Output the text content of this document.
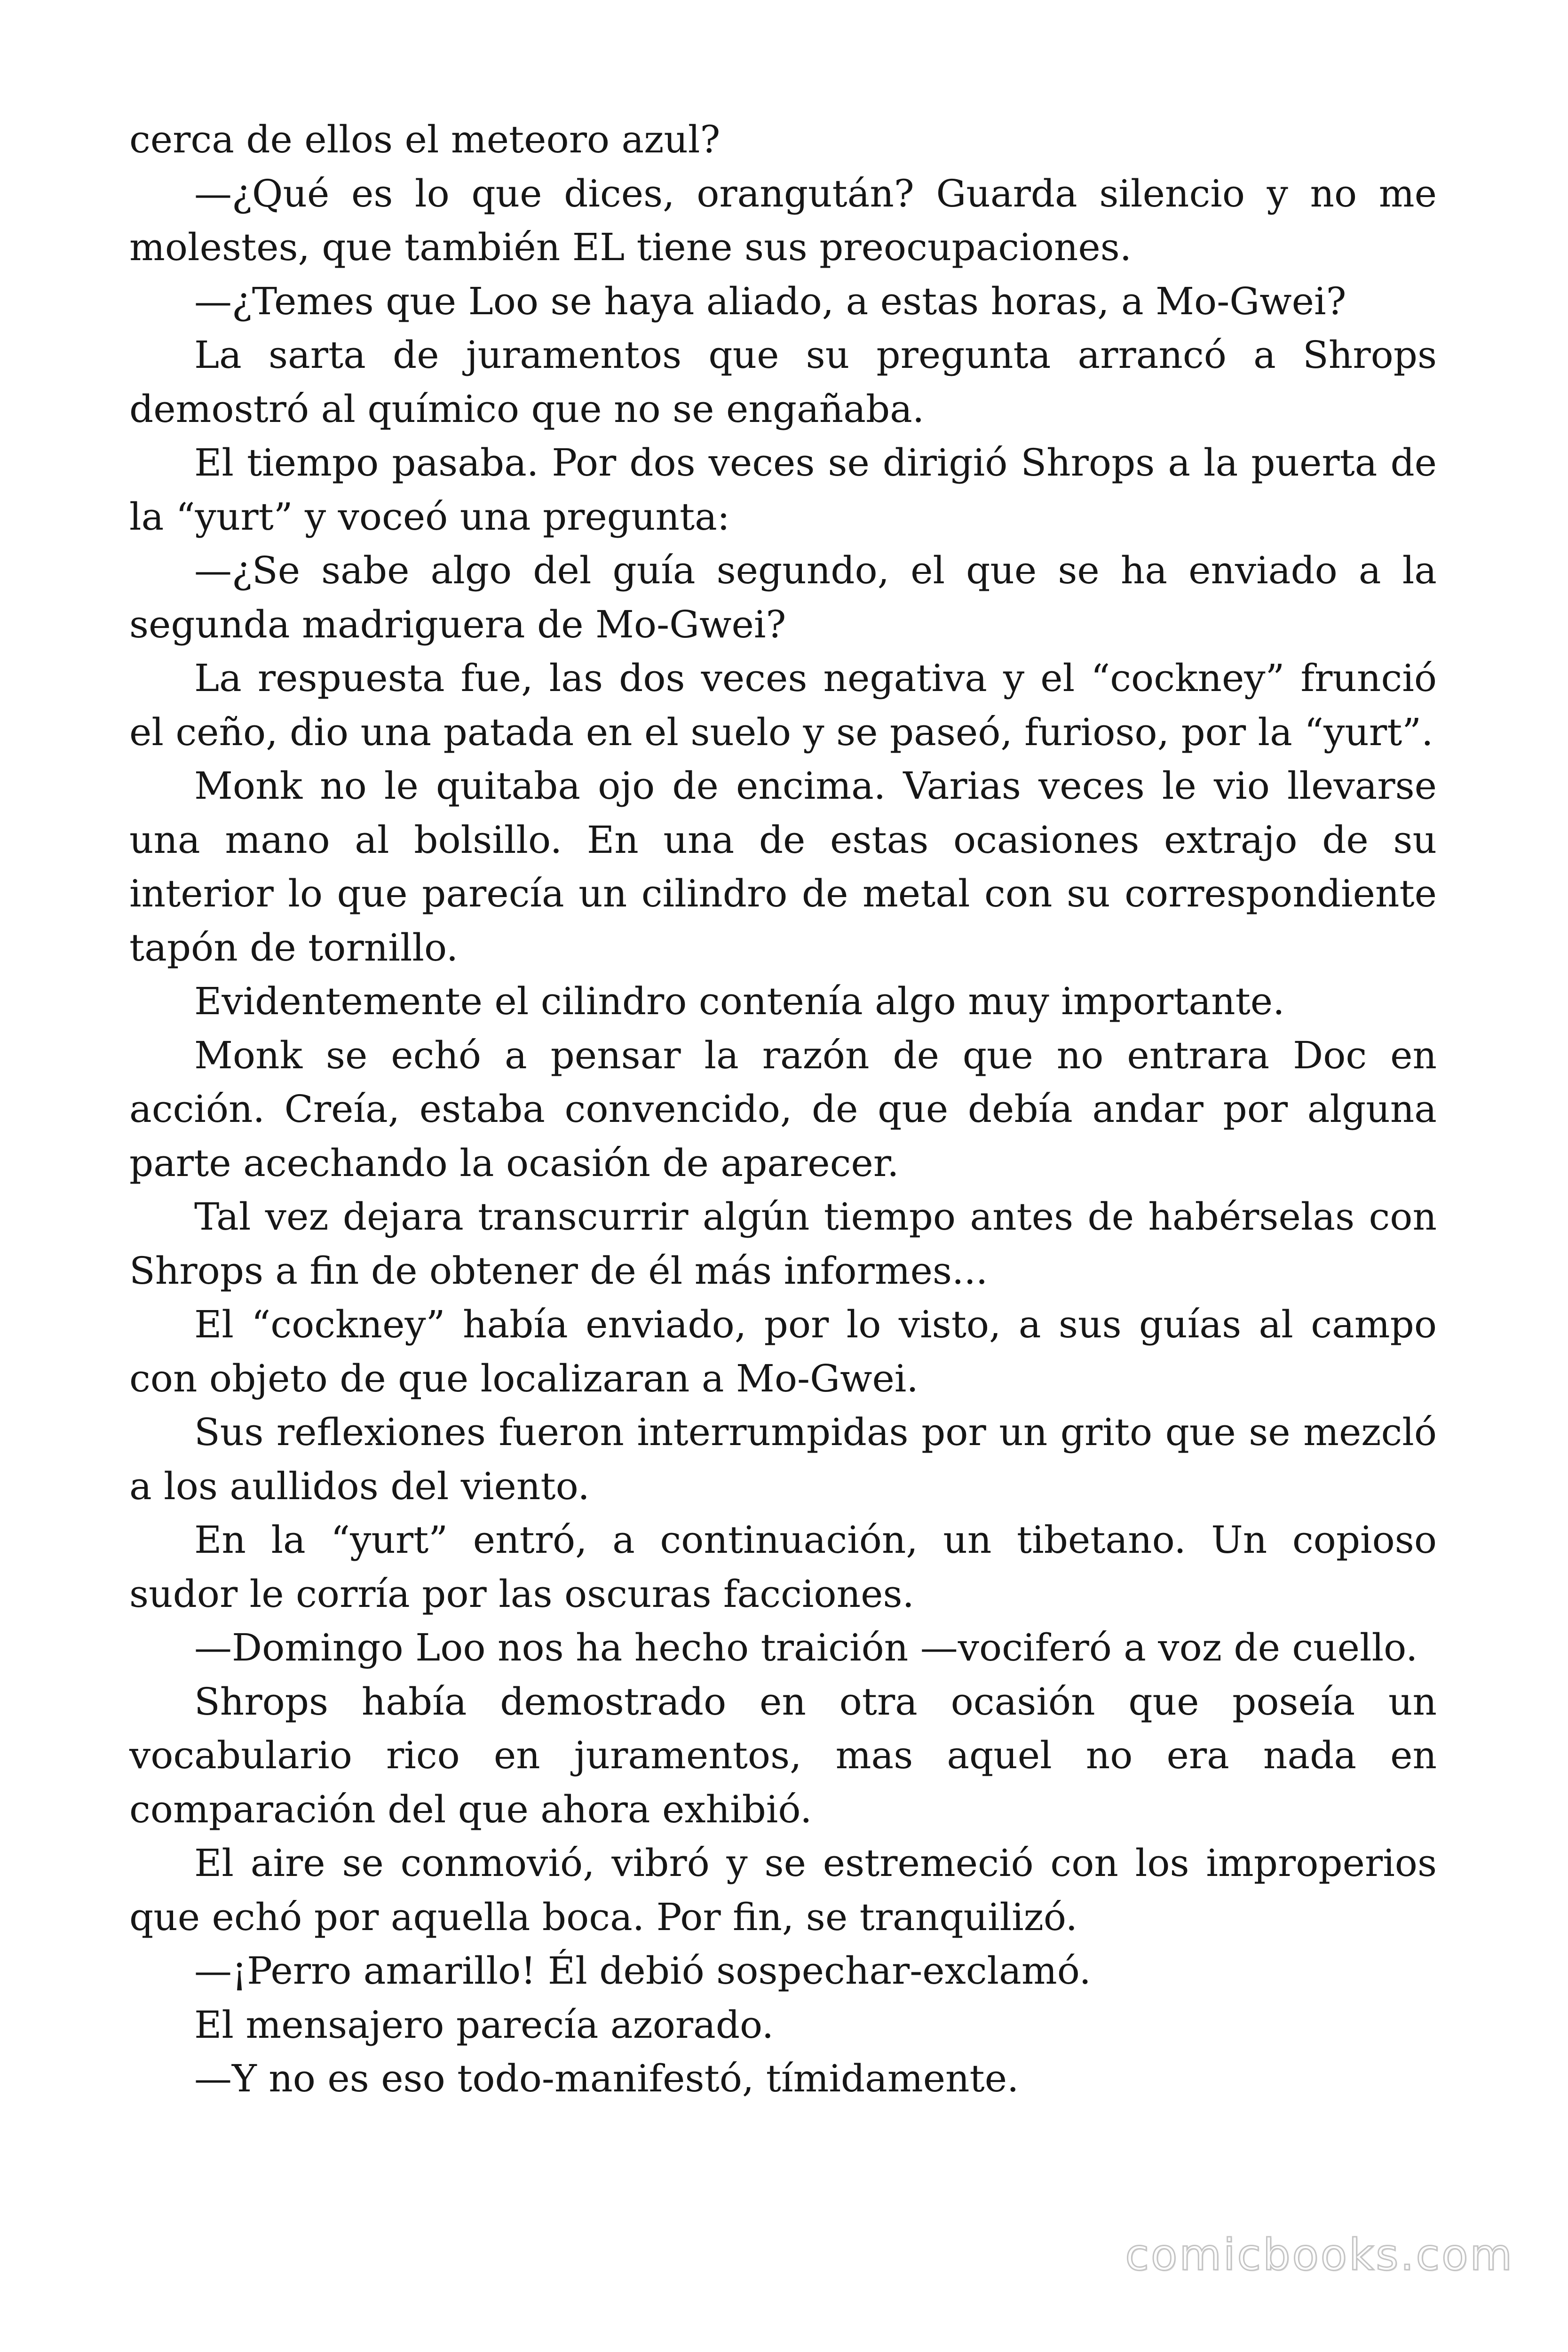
cerca de ellos el meteoro azul?

—¿Qué es lo que dices, orangután? Guarda silencio y no me molestes, que también EL tiene sus preocupaciones.

—¿Temes que Loo se haya aliado, a estas horas, a Mo-Gwei?

La sarta de juramentos que su pregunta arrancó a Shrops demostró al químico que no se engañaba.

El tiempo pasaba. Por dos veces se dirigió Shrops a la puerta de la “yurt” y voceó una pregunta:

—¿Se sabe algo del guía segundo, el que se ha enviado a la segunda madriguera de Mo-Gwei?

La respuesta fue, las dos veces negativa y el “cockney” frunció el ceño, dio una patada en el suelo y se paseó, furioso, por la “yurt”.

Monk no le quitaba ojo de encima. Varias veces le vio llevarse una mano al bolsillo. En una de estas ocasiones extrajo de su interior lo que parecía un cilindro de metal con su correspondiente tapón de tornillo.

Evidentemente el cilindro contenía algo muy importante.

Monk se echó a pensar la razón de que no entrara Doc en acción. Creía, estaba convencido, de que debía andar por alguna parte acechando la ocasión de aparecer.

Tal vez dejara transcurrir algún tiempo antes de habérselas con Shrops a fin de obtener de él más informes...

El “cockney” había enviado, por lo visto, a sus guías al campo con objeto de que localizaran a Mo-Gwei.

Sus reflexiones fueron interrumpidas por un grito que se mezcló a los aullidos del viento.

En la “yurt” entró, a continuación, un tibetano. Un copioso sudor le corría por las oscuras facciones.

—Domingo Loo nos ha hecho traición —vociferó a voz de cuello.

Shrops había demostrado en otra ocasión que poseía un vocabulario rico en juramentos, mas aquel no era nada en comparación del que ahora exhibió.

El aire se conmovió, vibró y se estremeció con los improperios que echó por aquella boca. Por fin, se tranquilizó.

—¡Perro amarillo! Él debió sospechar-exclamó.

El mensajero parecía azorado.

—Y no es eso todo-manifestó, tímidamente.

comicbooks.com
